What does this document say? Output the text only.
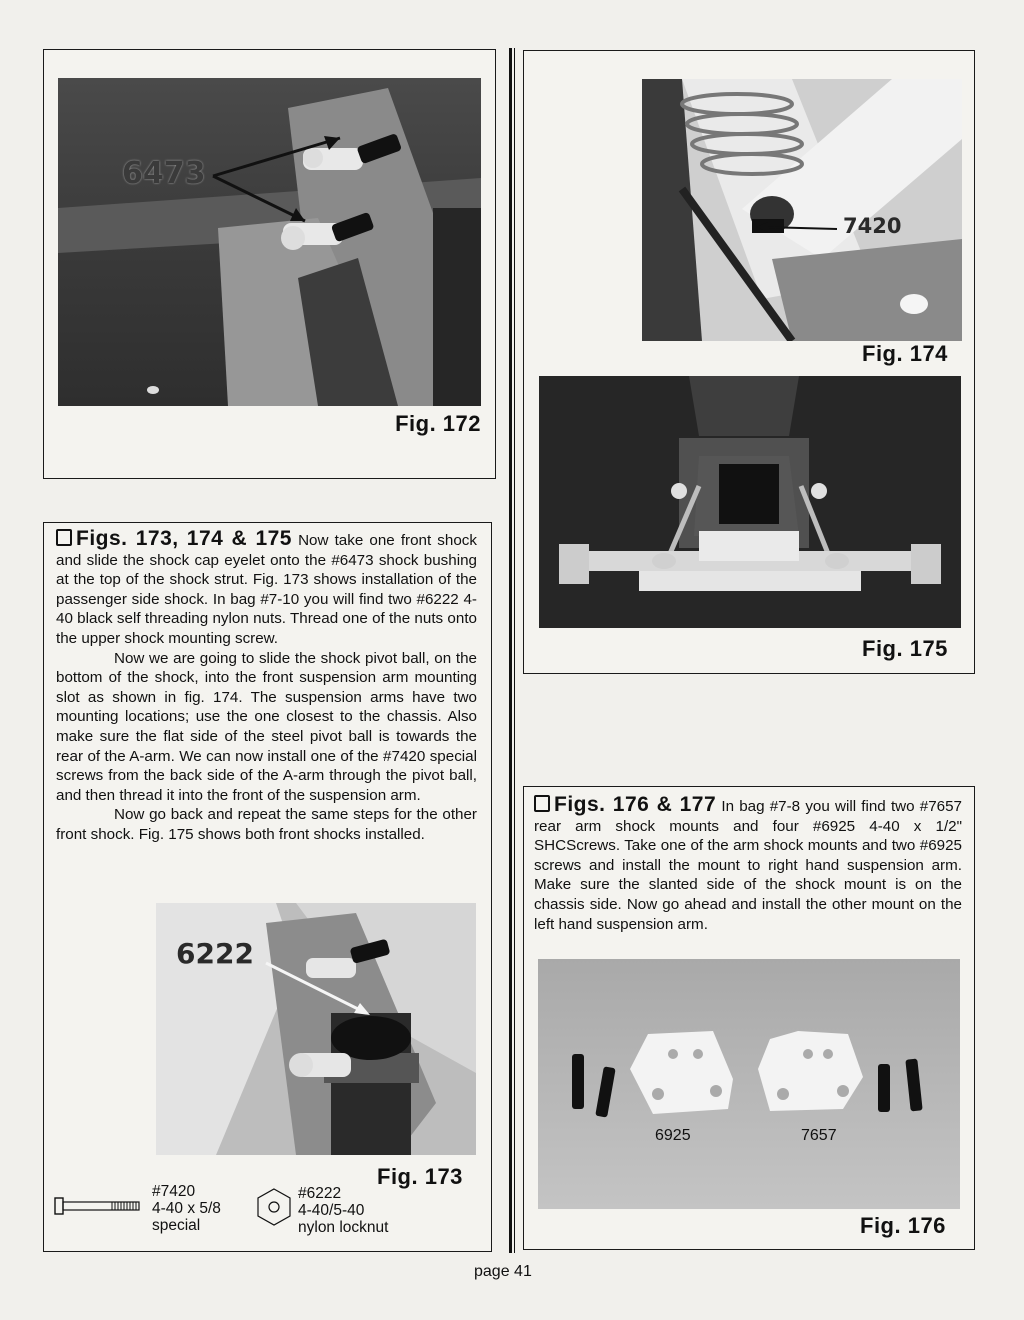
6473
Fig. 172

Figs. 173, 174 & 175 Now take one front shock and slide the shock cap eyelet onto the #6473 shock bushing at the top of the shock strut. Fig. 173 shows installation of the passenger side shock. In bag #7-10 you will find two #6222 4-40 black self threading nylon nuts. Thread one of the nuts onto the upper shock mounting screw.

Now we are going to slide the shock pivot ball, on the bottom of the shock, into the front suspension arm mounting slot as shown in fig. 174. The suspension arms have two mounting locations; use the one closest to the chassis. Also make sure the flat side of the steel pivot ball is towards the rear of the A-arm. We can now install one of the #7420 special screws from the back side of the A-arm through the pivot ball, and then thread it into the front of the suspension arm.

Now go back and repeat the same steps for the other front shock. Fig. 175 shows both front shocks installed.

6222
Fig. 173
#7420
4-40 x 5/8
special
#6222
4-40/5-40
nylon locknut
7420
Fig. 174
Fig. 175

Figs. 176 & 177 In bag #7-8 you will find two #7657 rear arm shock mounts and four #6925 4-40 x 1/2" SHCScrews. Take one of the arm shock mounts and two #6925 screws and install the mount to right hand suspension arm. Make sure the slanted side of the shock mount is on the chassis side. Now go ahead and install the other mount on the left hand suspension arm.

6925	7657
Fig. 176
page 41
